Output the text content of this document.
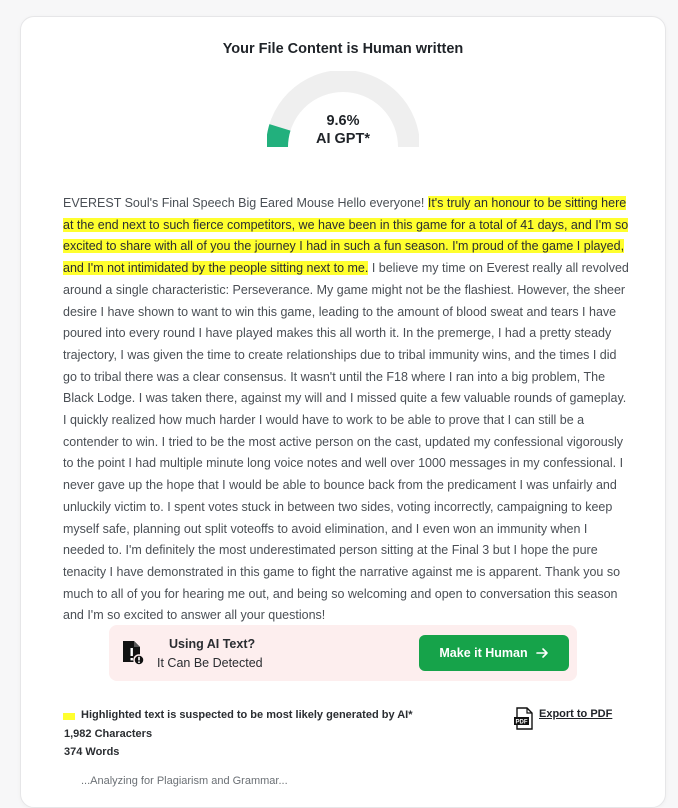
Your File Content is Human written
9.6%
AI GPT*
EVEREST Soul's Final Speech Big Eared Mouse Hello everyone! It's truly an honour to be sitting here at the end next to such fierce competitors, we have been in this game for a total of 41 days, and I'm so excited to share with all of you the journey I had in such a fun season. I'm proud of the game I played, and I'm not intimidated by the people sitting next to me. I believe my time on Everest really all revolved around a single characteristic: Perseverance. My game might not be the flashiest. However, the sheer desire I have shown to want to win this game, leading to the amount of blood sweat and tears I have poured into every round I have played makes this all worth it. In the premerge, I had a pretty steady trajectory, I was given the time to create relationships due to tribal immunity wins, and the times I did go to tribal there was a clear consensus. It wasn't until the F18 where I ran into a big problem, The Black Lodge. I was taken there, against my will and I missed quite a few valuable rounds of gameplay. I quickly realized how much harder I would have to work to be able to prove that I can still be a contender to win. I tried to be the most active person on the cast, updated my confessional vigorously to the point I had multiple minute long voice notes and well over 1000 messages in my confessional. I never gave up the hope that I would be able to bounce back from the predicament I was unfairly and unluckily victim to. I spent votes stuck in between two sides, voting incorrectly, campaigning to keep myself safe, planning out split voteoffs to avoid elimination, and I even won an immunity when I needed to. I'm definitely the most underestimated person sitting at the Final 3 but I hope the pure tenacity I have demonstrated in this game to fight the narrative against me is apparent. Thank you so much to all of you for hearing me out, and being so welcoming and open to conversation this season and I'm so excited to answer all your questions!
Using AI Text?
It Can Be Detected
Make it Human
Highlighted text is suspected to be most likely generated by AI*
1,982 Characters
374 Words
PDF
Export to PDF
...Analyzing for Plagiarism and Grammar...
